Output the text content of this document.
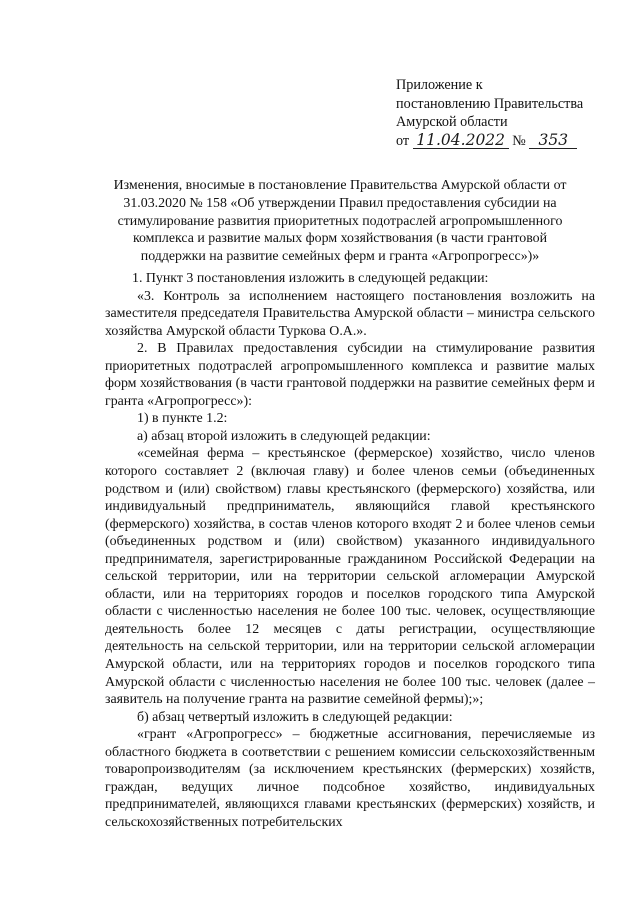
Приложение к
постановлению Правительства
Амурской области
от 11.04.2022 № 353
Изменения, вносимые в постановление Правительства Амурской области от 31.03.2020 № 158 «Об утверждении Правил предоставления субсидии на стимулирование развития приоритетных подотраслей агропромышленного комплекса и развитие малых форм хозяйствования (в части грантовой поддержки на развитие семейных ферм и гранта «Агропрогресс»)»

1. Пункт 3 постановления изложить в следующей редакции:

«3. Контроль за исполнением настоящего постановления возложить на заместителя председателя Правительства Амурской области – министра сельского хозяйства Амурской области Туркова О.А.».

2. В Правилах предоставления субсидии на стимулирование развития приоритетных подотраслей агропромышленного комплекса и развитие малых форм хозяйствования (в части грантовой поддержки на развитие семейных ферм и гранта «Агропрогресс»):

1) в пункте 1.2:

а) абзац второй изложить в следующей редакции:

«семейная ферма – крестьянское (фермерское) хозяйство, число членов которого составляет 2 (включая главу) и более членов семьи (объединенных родством и (или) свойством) главы крестьянского (фермерского) хозяйства, или индивидуальный предприниматель, являющийся главой крестьянского (фермерского) хозяйства, в состав членов которого входят 2 и более членов семьи (объединенных родством и (или) свойством) указанного индивидуального предпринимателя, зарегистрированные гражданином Российской Федерации на сельской территории, или на территории сельской агломерации Амурской области, или на территориях городов и поселков городского типа Амурской области с численностью населения не более 100 тыс. человек, осуществляющие деятельность более 12 месяцев с даты регистрации, осуществляющие деятельность на сельской территории, или на территории сельской агломерации Амурской области, или на территориях городов и поселков городского типа Амурской области с численностью населения не более 100 тыс. человек (далее – заявитель на получение гранта на развитие семейной фермы);»;

б) абзац четвертый изложить в следующей редакции:

«грант «Агропрогресс» – бюджетные ассигнования, перечисляемые из областного бюджета в соответствии с решением комиссии сельскохозяйственным товаропроизводителям (за исключением крестьянских (фермерских) хозяйств, граждан, ведущих личное подсобное хозяйство, индивидуальных предпринимателей, являющихся главами крестьянских (фермерских) хозяйств, и сельскохозяйственных потребительских
